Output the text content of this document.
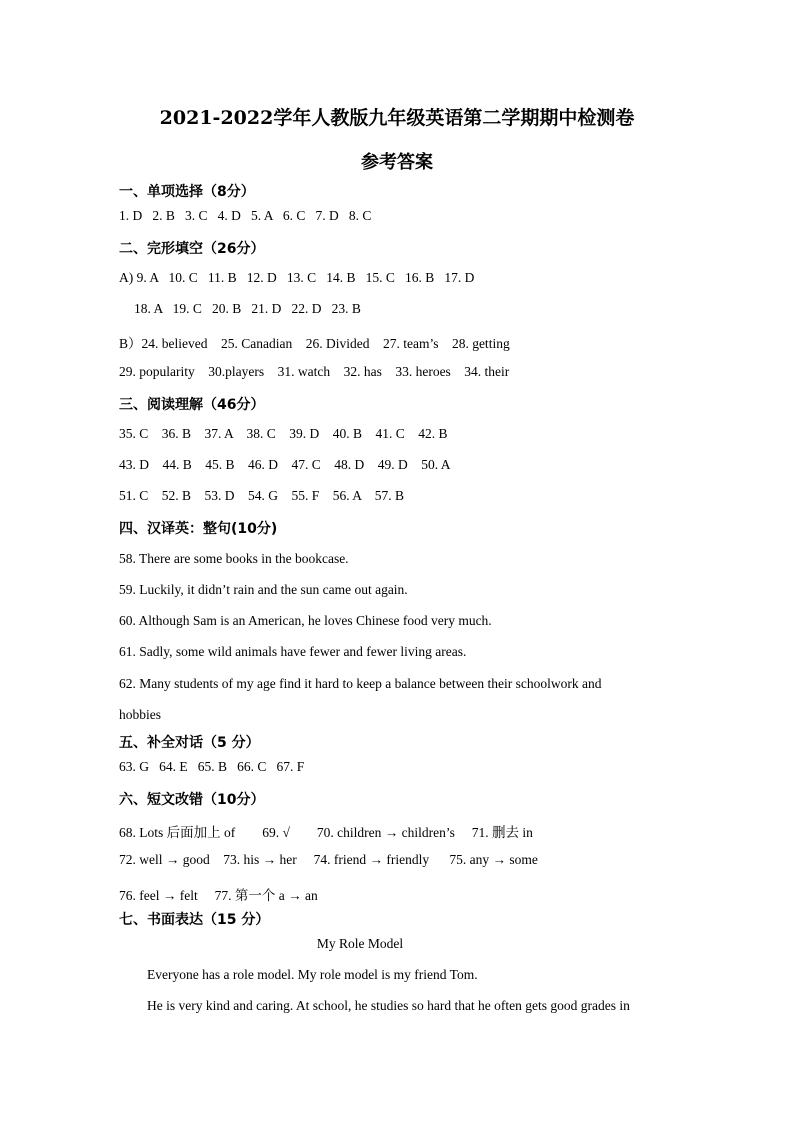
2021-2022学年人教版九年级英语第二学期期中检测卷
参考答案
一、单项选择（8分）
1. D   2. B   3. C   4. D   5. A   6. C   7. D   8. C
二、完形填空（26分）
A) 9. A   10. C   11. B   12. D   13. C   14. B   15. C   16. B   17. D
18. A   19. C   20. B   21. D   22. D   23. B
B）24. believed    25. Canadian    26. Divided    27. team’s    28. getting
29. popularity    30.players    31. watch    32. has    33. heroes    34. their
三、阅读理解（46分）
35. C    36. B    37. A    38. C    39. D    40. B    41. C    42. B
43. D    44. B    45. B    46. D    47. C    48. D    49. D    50. A
51. C    52. B    53. D    54. G    55. F    56. A    57. B
四、汉译英：整句(10分)
58. There are some books in the bookcase.
59. Luckily, it didn’t rain and the sun came out again.
60. Although Sam is an American, he loves Chinese food very much.
61. Sadly, some wild animals have fewer and fewer living areas.
62. Many students of my age find it hard to keep a balance between their schoolwork and
hobbies
五、补全对话（5 分）
63. G   64. E   65. B   66. C   67. F
六、短文改错（10分）
68. Lots 后面加上 of        69. √        70. children → children’s     71. 删去 in
72. well → good    73. his → her     74. friend → friendly      75. any → some
76. feel → felt     77. 第一个 a → an
七、书面表达（15 分）
My Role Model
Everyone has a role model. My role model is my friend Tom.
He is very kind and caring. At school, he studies so hard that he often gets good grades in
